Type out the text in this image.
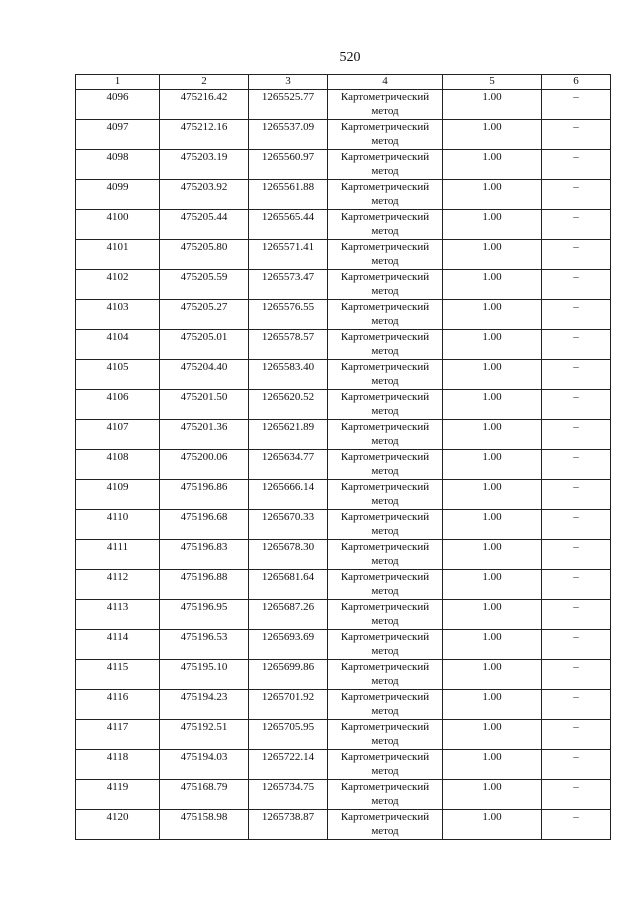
520
1	2	3	4	5	6
4096	475216.42	1265525.77	Картометрический метод	1.00	–
4097	475212.16	1265537.09	Картометрический метод	1.00	–
4098	475203.19	1265560.97	Картометрический метод	1.00	–
4099	475203.92	1265561.88	Картометрический метод	1.00	–
4100	475205.44	1265565.44	Картометрический метод	1.00	–
4101	475205.80	1265571.41	Картометрический метод	1.00	–
4102	475205.59	1265573.47	Картометрический метод	1.00	–
4103	475205.27	1265576.55	Картометрический метод	1.00	–
4104	475205.01	1265578.57	Картометрический метод	1.00	–
4105	475204.40	1265583.40	Картометрический метод	1.00	–
4106	475201.50	1265620.52	Картометрический метод	1.00	–
4107	475201.36	1265621.89	Картометрический метод	1.00	–
4108	475200.06	1265634.77	Картометрический метод	1.00	–
4109	475196.86	1265666.14	Картометрический метод	1.00	–
4110	475196.68	1265670.33	Картометрический метод	1.00	–
4111	475196.83	1265678.30	Картометрический метод	1.00	–
4112	475196.88	1265681.64	Картометрический метод	1.00	–
4113	475196.95	1265687.26	Картометрический метод	1.00	–
4114	475196.53	1265693.69	Картометрический метод	1.00	–
4115	475195.10	1265699.86	Картометрический метод	1.00	–
4116	475194.23	1265701.92	Картометрический метод	1.00	–
4117	475192.51	1265705.95	Картометрический метод	1.00	–
4118	475194.03	1265722.14	Картометрический метод	1.00	–
4119	475168.79	1265734.75	Картометрический метод	1.00	–
4120	475158.98	1265738.87	Картометрический метод	1.00	–
